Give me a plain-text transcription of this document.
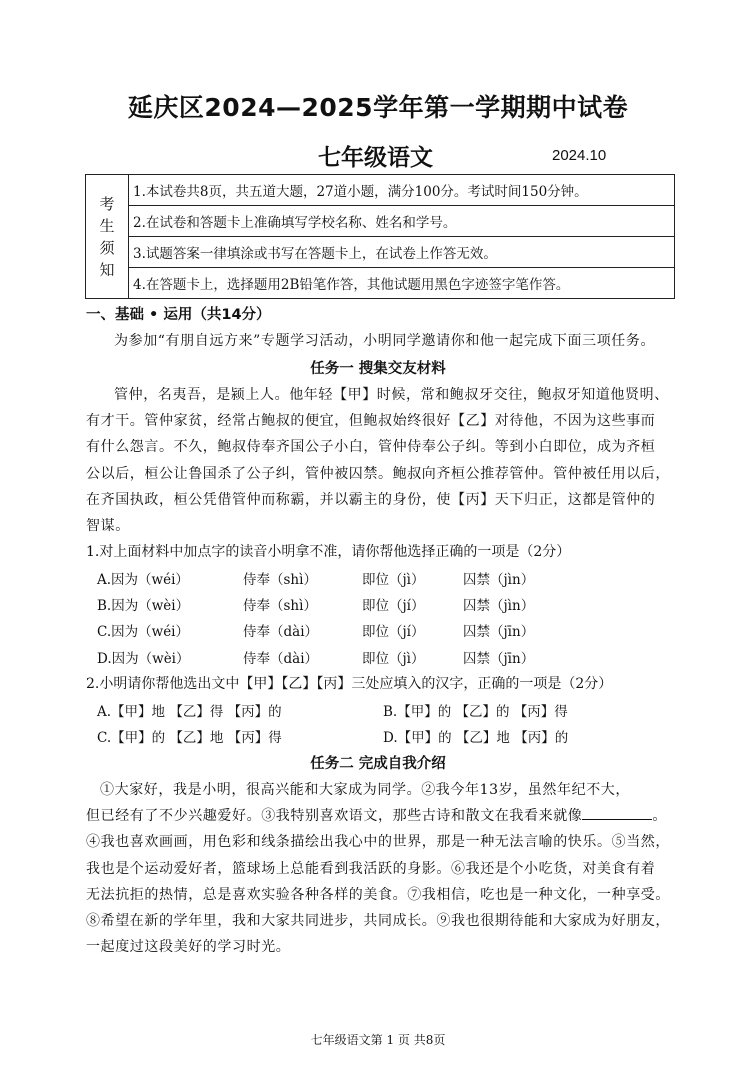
延庆区2024—2025学年第一学期期中试卷
七年级语文	2024.10
考
生
须
知
	1.本试卷共8页，共五道大题，27道小题，满分100分。考试时间150分钟。
2.在试卷和答题卡上准确填写学校名称、姓名和学号。
3.试题答案一律填涂或书写在答题卡上，在试卷上作答无效。
4.在答题卡上，选择题用2B铅笔作答，其他试题用黑色字迹签字笔作答。
一、基础 • 运用（共14分）
为参加“有朋自远方来”专题学习活动，小明同学邀请你和他一起完成下面三项任务。
任务一 搜集交友材料
管仲，名夷吾，是颍上人。他年轻【甲】时候，常和鲍叔牙交往，鲍叔牙知道他贤明、
有才干。管仲家贫，经常占鲍叔的便宜，但鲍叔始终很好【乙】对待他，不因为这些事而
有什么怨言。不久，鲍叔侍奉齐国公子小白，管仲侍奉公子纠。等到小白即位，成为齐桓
公以后，桓公让鲁国杀了公子纠，管仲被囚禁。鲍叔向齐桓公推荐管仲。管仲被任用以后，
在齐国执政，桓公凭借管仲而称霸，并以霸主的身份，使【丙】天下归正，这都是管仲的
智谋。
1.对上面材料中加点字的读音小明拿不准，请你帮他选择正确的一项是（2分）
A.因为（wéi）	侍奉（shì）	即位（jì）	囚禁（jìn）
B.因为（wèi）	侍奉（shì）	即位（jí）	囚禁（jìn）
C.因为（wéi）	侍奉（dài）	即位（jí）	囚禁（jīn）
D.因为（wèi）	侍奉（dài）	即位（jì）	囚禁（jīn）
2.小明请你帮他选出文中【甲】【乙】【丙】三处应填入的汉字，正确的一项是（2分）
A.【甲】地 【乙】得 【丙】的	B.【甲】的 【乙】的 【丙】得
C.【甲】的 【乙】地 【丙】得	D.【甲】的 【乙】地 【丙】的
任务二 完成自我介绍
①大家好，我是小明，很高兴能和大家成为同学。②我今年13岁，虽然年纪不大，
但已经有了不少兴趣爱好。③我特别喜欢语文，那些古诗和散文在我看来就像	。
④我也喜欢画画，用色彩和线条描绘出我心中的世界，那是一种无法言喻的快乐。⑤当然，
我也是个运动爱好者，篮球场上总能看到我活跃的身影。⑥我还是个小吃货，对美食有着
无法抗拒的热情，总是喜欢实验各种各样的美食。⑦我相信，吃也是一种文化，一种享受。
⑧希望在新的学年里，我和大家共同进步，共同成长。⑨我也很期待能和大家成为好朋友，
一起度过这段美好的学习时光。
七年级语文第 1 页 共8页
